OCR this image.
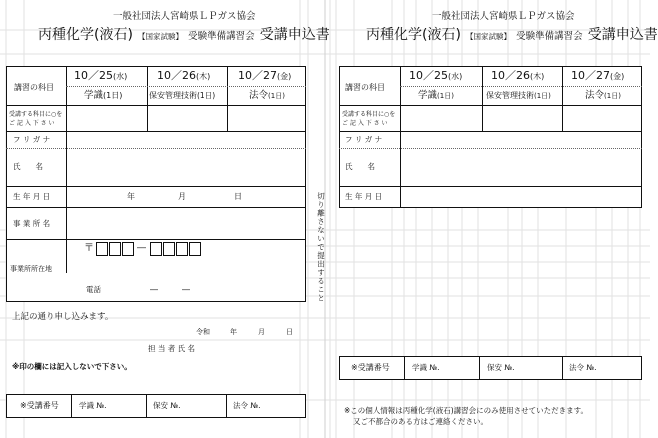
一般社団法人宮崎県ＬＰガス協会
丙種化学(液石) 【国家試験】 受験準備講習会 受講申込書
講習の科目
10／25(水)	10／26(木)	10／27(金)
学識(1日)	保安管理技術(1日)	法令(1日)
受講する科目に○を
ご 記 入 下 さ い
フ リ ガ ナ
氏　　名
生 年 月 日	年	月	日
事 業 所 名
事業所所在地
〒	―
電話	―　　　―
上記の通り申し込みます。
令和	年	月	日
担 当 者 氏 名
※印の欄には記入しないで下さい。
※受講番号	学識 №.	保安 №.	法令 №.
切り離さないで提出すること
一般社団法人宮崎県ＬＰガス協会
丙種化学(液石) 【国家試験】 受験準備講習会 受講申込書
講習の科目
10／25(水)	10／26(木) 10／27(金)
学識(1日)	保安管理技術(1日)	法令(1日)
受講する科目に○を
ご 記 入 下 さ い
フ リ ガ ナ
氏　　名
生 年 月 日
※受講番号	学識 №.	保安 №.	法令 №.
※この個人情報は丙種化学(液石)講習会にのみ使用させていただきます。
又ご不都合のある方はご連絡ください。
